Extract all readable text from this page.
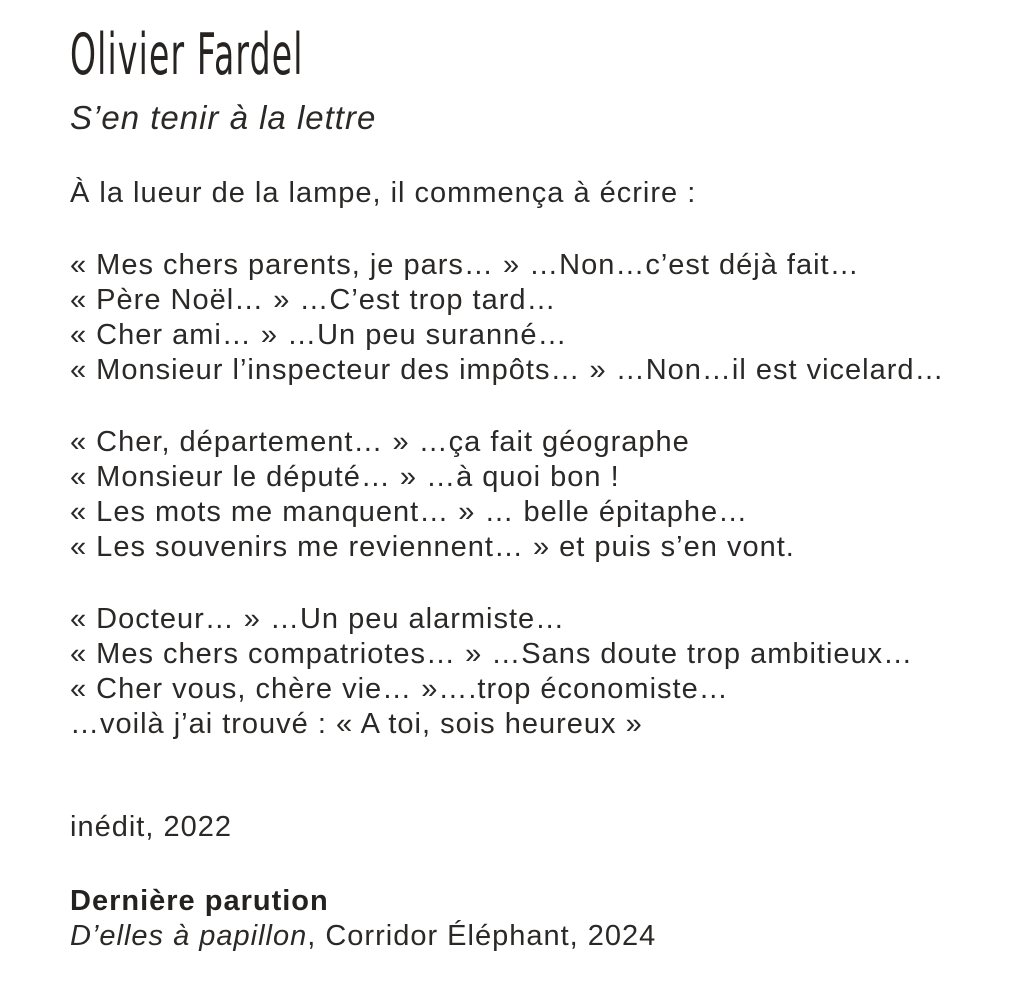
Olivier Fardel
S’en tenir à la lettre

À la lueur de la lampe, il commença à écrire :

« Mes chers parents, je pars… » …Non…c’est déjà fait…
« Père Noël… » …C’est trop tard…
« Cher ami… » …Un peu suranné…
« Monsieur l’inspecteur des impôts… » …Non…il est vicelard…
« Cher, département… » …ça fait géographe
« Monsieur le député… » …à quoi bon !
« Les mots me manquent… » … belle épitaphe…
« Les souvenirs me reviennent… » et puis s’en vont.
« Docteur… » …Un peu alarmiste…
« Mes chers compatriotes… » …Sans doute trop ambitieux…
« Cher vous, chère vie… »….trop économiste…
…voilà j’ai trouvé : « A toi, sois heureux »

inédit, 2022

Dernière parution
D’elles à papillon, Corridor Éléphant, 2024
